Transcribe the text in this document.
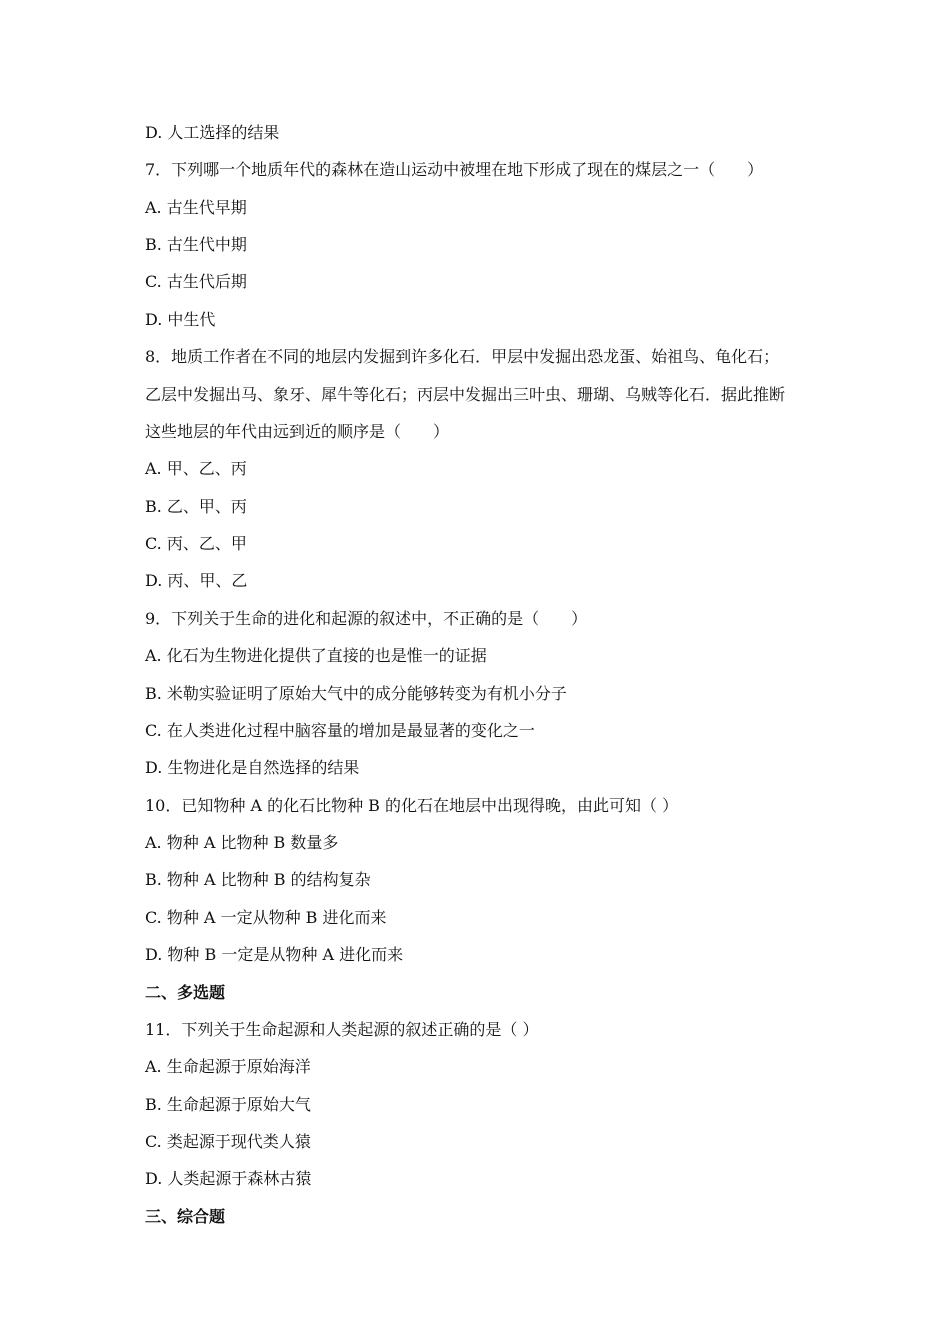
D. 人工选择的结果
7．下列哪一个地质年代的森林在造山运动中被埋在地下形成了现在的煤层之一（　　）
A. 古生代早期
B. 古生代中期
C. 古生代后期
D. 中生代
8．地质工作者在不同的地层内发掘到许多化石．甲层中发掘出恐龙蛋、始祖鸟、龟化石；
乙层中发掘出马、象牙、犀牛等化石；丙层中发掘出三叶虫、珊瑚、乌贼等化石．据此推断
这些地层的年代由远到近的顺序是（　　）
A. 甲、乙、丙
B. 乙、甲、丙
C. 丙、乙、甲
D. 丙、甲、乙
9．下列关于生命的进化和起源的叙述中，不正确的是（　　）
A. 化石为生物进化提供了直接的也是惟一的证据
B. 米勒实验证明了原始大气中的成分能够转变为有机小分子
C. 在人类进化过程中脑容量的增加是最显著的变化之一
D. 生物进化是自然选择的结果
10．已知物种 A 的化石比物种 B 的化石在地层中出现得晚，由此可知（ ）
A. 物种 A 比物种 B 数量多
B. 物种 A 比物种 B 的结构复杂
C. 物种 A 一定从物种 B 进化而来
D. 物种 B 一定是从物种 A 进化而来
二、多选题
11．下列关于生命起源和人类起源的叙述正确的是（ ）
A. 生命起源于原始海洋
B. 生命起源于原始大气
C. 类起源于现代类人猿
D. 人类起源于森林古猿
三、综合题
